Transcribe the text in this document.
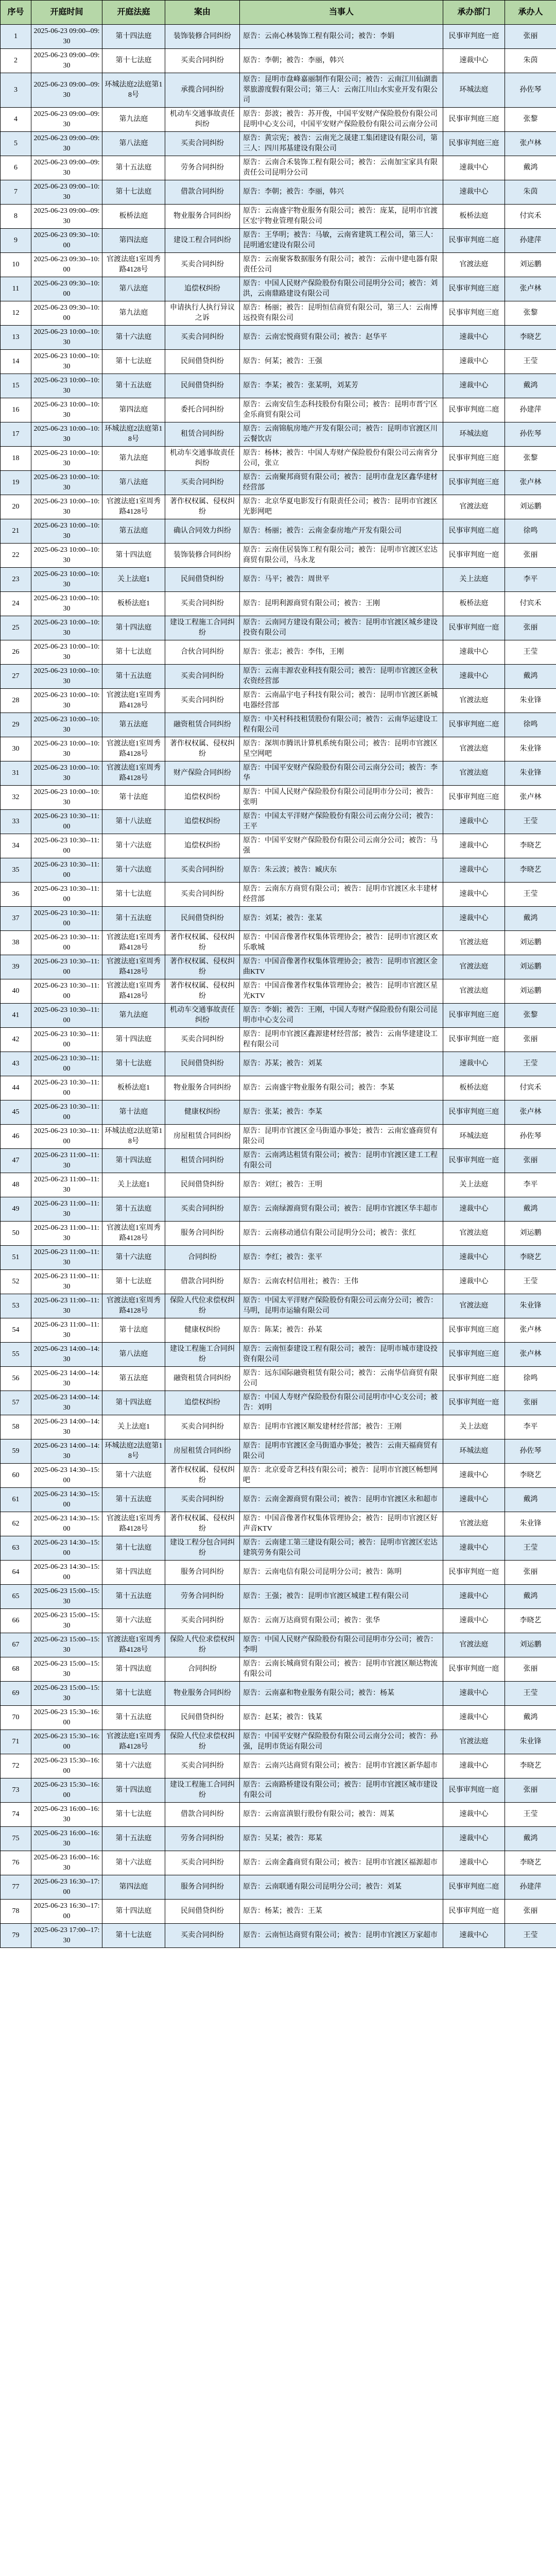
序号	开庭时间	开庭法庭	案由	当事人	承办部门	承办人
1	2025-06-23 09:00--09:30	第十四法庭	装饰装修合同纠纷	原告：云南心林装饰工程有限公司；被告：李娟	民事审判庭一庭	张丽
2	2025-06-23 09:00--09:30	第十七法庭	买卖合同纠纷	原告：李朝；被告：李丽，韩兴	速裁中心	朱茵
3	2025-06-23 09:00--09:30	环城法庭2法庭第18号	承揽合同纠纷	原告：昆明市盘峰嘉丽制作有限公司；被告：云南江川仙湖翡翠旅游度假有限公司；第三人：云南江川山水实业开发有限公司	环城法庭	孙佐琴
4	2025-06-23 09:00--09:30	第九法庭	机动车交通事故责任纠纷	原告：彭波；被告：苏开俊，中国平安财产保险股份有限公司昆明中心支公司，中国平安财产保险股份有限公司云南分公司	民事审判庭三庭	张黎
5	2025-06-23 09:00--09:30	第八法庭	买卖合同纠纷	原告：黄宗宪；被告：云南光之晟建工集团建设有限公司，第三人：四川邦基建设有限公司	民事审判庭三庭	张卢林
6	2025-06-23 09:00--09:30	第十五法庭	劳务合同纠纷	原告：云南合禾装饰工程有限公司；被告：云南加宝家具有限责任公司昆明分公司	速裁中心	戴鸿
7	2025-06-23 09:00--10:30	第十七法庭	借款合同纠纷	原告：李朝；被告：李丽，韩兴	速裁中心	朱茵
8	2025-06-23 09:00--09:30	板桥法庭	物业服务合同纠纷	原告：云南盛宇物业服务有限公司；被告：庞某，昆明市官渡区宏宇物业管理有限公司	板桥法庭	付宾禾
9	2025-06-23 09:30--10:00	第四法庭	建设工程合同纠纷	原告：王华明；被告：马敏，云南省建筑工程公司，第三人：昆明通宏建设有限公司	民事审判庭二庭	孙建萍
10	2025-06-23 09:30--10:00	官渡法庭1室周秀路4128号	买卖合同纠纷	原告：云南聚客数据服务有限公司；被告：云南中建电器有限责任公司	官渡法庭	刘运鹏
11	2025-06-23 09:30--10:00	第八法庭	追偿权纠纷	原告：中国人民财产保险股份有限公司昆明分公司；被告：刘洪，云南鼎路建设有限公司	民事审判庭三庭	张卢林
12	2025-06-23 09:30--10:00	第九法庭	申请执行人执行异议之诉	原告：杨丽；被告：昆明恒信商贸有限公司，第三人：云南博远投资有限公司	民事审判庭三庭	张黎
13	2025-06-23 10:00--10:30	第十六法庭	买卖合同纠纷	原告：云南宏悦商贸有限公司；被告：赵华平	速裁中心	李晓艺
14	2025-06-23 10:00--10:30	第十七法庭	民间借贷纠纷	原告：何某；被告：王强	速裁中心	王莹
15	2025-06-23 10:00--10:30	第十五法庭	民间借贷纠纷	原告：李某；被告：张某明，刘某芳	速裁中心	戴鸿
16	2025-06-23 10:00--10:30	第四法庭	委托合同纠纷	原告：云南安信生态科技股份有限公司；被告：昆明市晋宁区金乐商贸有限公司	民事审判庭二庭	孙建萍
17	2025-06-23 10:00--10:30	环城法庭2法庭第18号	租赁合同纠纷	原告：云南锦航房地产开发有限公司；被告：昆明市官渡区川云餐饮店	环城法庭	孙佐琴
18	2025-06-23 10:00--10:30	第九法庭	机动车交通事故责任纠纷	原告：杨林；被告：中国人寿财产保险股份有限公司云南省分公司，张立	民事审判庭三庭	张黎
19	2025-06-23 10:00--10:30	第八法庭	买卖合同纠纷	原告：云南聚邦商贸有限公司；被告：昆明市盘龙区鑫华建材经营部	民事审判庭三庭	张卢林
20	2025-06-23 10:00--10:30	官渡法庭1室周秀路4128号	著作权权属、侵权纠纷	原告：北京华夏电影发行有限责任公司；被告：昆明市官渡区光影网吧	官渡法庭	刘运鹏
21	2025-06-23 10:00--10:30	第五法庭	确认合同效力纠纷	原告：杨丽；被告：云南金泰房地产开发有限公司	民事审判庭二庭	徐鸣
22	2025-06-23 10:00--10:30	第十四法庭	装饰装修合同纠纷	原告：云南佳居装饰工程有限公司；被告：昆明市官渡区宏达商贸有限公司，马永龙	民事审判庭一庭	张丽
23	2025-06-23 10:00--10:30	关上法庭1	民间借贷纠纷	原告：马平；被告：周世平	关上法庭	李平
24	2025-06-23 10:00--10:30	板桥法庭1	买卖合同纠纷	原告：昆明利源商贸有限公司；被告：王刚	板桥法庭	付宾禾
25	2025-06-23 10:00--10:30	第十四法庭	建设工程施工合同纠纷	原告：云南同方建设有限公司；被告：昆明市官渡区城乡建设投资有限公司	民事审判庭一庭	张丽
26	2025-06-23 10:00--10:30	第十七法庭	合伙合同纠纷	原告：张志；被告：李伟，王刚	速裁中心	王莹
27	2025-06-23 10:00--10:30	第十五法庭	买卖合同纠纷	原告：云南丰源农业科技有限公司；被告：昆明市官渡区金秋农资经营部	速裁中心	戴鸿
28	2025-06-23 10:00--10:30	官渡法庭1室周秀路4128号	买卖合同纠纷	原告：云南晶宇电子科技有限公司；被告：昆明市官渡区新城电器经营部	官渡法庭	朱业锋
29	2025-06-23 10:00--10:30	第五法庭	融资租赁合同纠纷	原告：中关村科技租赁股份有限公司；被告：云南华运建设工程有限公司	民事审判庭二庭	徐鸣
30	2025-06-23 10:00--10:30	官渡法庭1室周秀路4128号	著作权权属、侵权纠纷	原告：深圳市腾讯计算机系统有限公司；被告：昆明市官渡区星空网吧	官渡法庭	朱业锋
31	2025-06-23 10:00--10:30	官渡法庭1室周秀路4128号	财产保险合同纠纷	原告：中国平安财产保险股份有限公司云南分公司；被告：李华	官渡法庭	朱业锋
32	2025-06-23 10:00--10:30	第十法庭	追偿权纠纷	原告：中国人民财产保险股份有限公司昆明市分公司；被告：张明	民事审判庭三庭	张卢林
33	2025-06-23 10:30--11:00	第十八法庭	追偿权纠纷	原告：中国太平洋财产保险股份有限公司云南分公司；被告：王平	速裁中心	王莹
34	2025-06-23 10:30--11:00	第十六法庭	追偿权纠纷	原告：中国平安财产保险股份有限公司云南分公司；被告：马强	速裁中心	李晓艺
35	2025-06-23 10:30--11:00	第十六法庭	买卖合同纠纷	原告：朱云波；被告：臧庆东	速裁中心	李晓艺
36	2025-06-23 10:30--11:00	第十七法庭	买卖合同纠纷	原告：云南东方商贸有限公司；被告：昆明市官渡区永丰建材经营部	速裁中心	王莹
37	2025-06-23 10:30--11:00	第十五法庭	民间借贷纠纷	原告：刘某；被告：张某	速裁中心	戴鸿
38	2025-06-23 10:30--11:00	官渡法庭1室周秀路4128号	著作权权属、侵权纠纷	原告：中国音像著作权集体管理协会；被告：昆明市官渡区欢乐歌城	官渡法庭	刘运鹏
39	2025-06-23 10:30--11:00	官渡法庭1室周秀路4128号	著作权权属、侵权纠纷	原告：中国音像著作权集体管理协会；被告：昆明市官渡区金曲KTV	官渡法庭	刘运鹏
40	2025-06-23 10:30--11:00	官渡法庭1室周秀路4128号	著作权权属、侵权纠纷	原告：中国音像著作权集体管理协会；被告：昆明市官渡区星光KTV	官渡法庭	刘运鹏
41	2025-06-23 10:30--11:00	第九法庭	机动车交通事故责任纠纷	原告：李娟；被告：王刚，中国人寿财产保险股份有限公司昆明市中心支公司	民事审判庭三庭	张黎
42	2025-06-23 10:30--11:00	第十四法庭	买卖合同纠纷	原告：昆明市官渡区鑫源建材经营部；被告：云南华建建设工程有限公司	民事审判庭一庭	张丽
43	2025-06-23 10:30--11:00	第十七法庭	民间借贷纠纷	原告：苏某；被告：刘某	速裁中心	王莹
44	2025-06-23 10:30--11:00	板桥法庭1	物业服务合同纠纷	原告：云南盛宇物业服务有限公司；被告：李某	板桥法庭	付宾禾
45	2025-06-23 10:30--11:00	第十法庭	健康权纠纷	原告：张某；被告：李某	民事审判庭三庭	张卢林
46	2025-06-23 10:30--11:00	环城法庭2法庭第18号	房屋租赁合同纠纷	原告：昆明市官渡区金马街道办事处；被告：云南宏盛商贸有限公司	环城法庭	孙佐琴
47	2025-06-23 11:00--11:30	第十四法庭	租赁合同纠纷	原告：云南鸿达租赁有限公司；被告：昆明市官渡区建工工程有限公司	民事审判庭一庭	张丽
48	2025-06-23 11:00--11:30	关上法庭1	民间借贷纠纷	原告：刘红；被告：王明	关上法庭	李平
49	2025-06-23 11:00--11:30	第十五法庭	买卖合同纠纷	原告：云南绿源商贸有限公司；被告：昆明市官渡区华丰超市	速裁中心	戴鸿
50	2025-06-23 11:00--11:30	官渡法庭1室周秀路4128号	服务合同纠纷	原告：云南移动通信有限公司昆明分公司；被告：张红	官渡法庭	刘运鹏
51	2025-06-23 11:00--11:30	第十六法庭	合同纠纷	原告：李红；被告：张平	速裁中心	李晓艺
52	2025-06-23 11:00--11:30	第十七法庭	借款合同纠纷	原告：云南农村信用社；被告：王伟	速裁中心	王莹
53	2025-06-23 11:00--11:30	官渡法庭1室周秀路4128号	保险人代位求偿权纠纷	原告：中国太平洋财产保险股份有限公司云南分公司；被告：马明，昆明市运输有限公司	官渡法庭	朱业锋
54	2025-06-23 11:00--11:30	第十法庭	健康权纠纷	原告：陈某；被告：孙某	民事审判庭三庭	张卢林
55	2025-06-23 14:00--14:30	第八法庭	建设工程施工合同纠纷	原告：云南恒泰建设工程有限公司；被告：昆明市城市建设投资有限公司	民事审判庭三庭	张卢林
56	2025-06-23 14:00--14:30	第五法庭	融资租赁合同纠纷	原告：远东国际融资租赁有限公司；被告：云南华信商贸有限公司	民事审判庭二庭	徐鸣
57	2025-06-23 14:00--14:30	第十四法庭	追偿权纠纷	原告：中国人寿财产保险股份有限公司昆明市中心支公司；被告：刘明	民事审判庭一庭	张丽
58	2025-06-23 14:00--14:30	关上法庭1	买卖合同纠纷	原告：昆明市官渡区顺发建材经营部；被告：王刚	关上法庭	李平
59	2025-06-23 14:00--14:30	环城法庭2法庭第18号	房屋租赁合同纠纷	原告：昆明市官渡区金马街道办事处；被告：云南天福商贸有限公司	环城法庭	孙佐琴
60	2025-06-23 14:30--15:00	第十六法庭	著作权权属、侵权纠纷	原告：北京爱奇艺科技有限公司；被告：昆明市官渡区畅想网吧	速裁中心	李晓艺
61	2025-06-23 14:30--15:00	第十五法庭	买卖合同纠纷	原告：云南金源商贸有限公司；被告：昆明市官渡区永和超市	速裁中心	戴鸿
62	2025-06-23 14:30--15:00	官渡法庭1室周秀路4128号	著作权权属、侵权纠纷	原告：中国音像著作权集体管理协会；被告：昆明市官渡区好声音KTV	官渡法庭	朱业锋
63	2025-06-23 14:30--15:00	第十七法庭	建设工程分包合同纠纷	原告：云南建工第三建设有限公司；被告：昆明市官渡区宏达建筑劳务有限公司	速裁中心	王莹
64	2025-06-23 14:30--15:00	第十四法庭	服务合同纠纷	原告：云南电信有限公司昆明分公司；被告：陈明	民事审判庭一庭	张丽
65	2025-06-23 15:00--15:30	第十五法庭	劳务合同纠纷	原告：王强；被告：昆明市官渡区城建工程有限公司	速裁中心	戴鸿
66	2025-06-23 15:00--15:30	第十六法庭	买卖合同纠纷	原告：云南万达商贸有限公司；被告：张华	速裁中心	李晓艺
67	2025-06-23 15:00--15:30	官渡法庭1室周秀路4128号	保险人代位求偿权纠纷	原告：中国人民财产保险股份有限公司昆明市分公司；被告：李明	官渡法庭	刘运鹏
68	2025-06-23 15:00--15:30	第十四法庭	合同纠纷	原告：云南长城商贸有限公司；被告：昆明市官渡区顺达物流有限公司	民事审判庭一庭	张丽
69	2025-06-23 15:00--15:30	第十七法庭	物业服务合同纠纷	原告：云南嘉和物业服务有限公司；被告：杨某	速裁中心	王莹
70	2025-06-23 15:30--16:00	第十五法庭	民间借贷纠纷	原告：赵某；被告：钱某	速裁中心	戴鸿
71	2025-06-23 15:30--16:00	官渡法庭1室周秀路4128号	保险人代位求偿权纠纷	原告：中国平安财产保险股份有限公司云南分公司；被告：孙强，昆明市货运有限公司	官渡法庭	朱业锋
72	2025-06-23 15:30--16:00	第十六法庭	买卖合同纠纷	原告：云南兴达商贸有限公司；被告：昆明市官渡区新华超市	速裁中心	李晓艺
73	2025-06-23 15:30--16:00	第十四法庭	建设工程施工合同纠纷	原告：云南路桥建设有限公司；被告：昆明市官渡区城市建设有限公司	民事审判庭一庭	张丽
74	2025-06-23 16:00--16:30	第十七法庭	借款合同纠纷	原告：云南富滇银行股份有限公司；被告：周某	速裁中心	王莹
75	2025-06-23 16:00--16:30	第十五法庭	劳务合同纠纷	原告：吴某；被告：郑某	速裁中心	戴鸿
76	2025-06-23 16:00--16:30	第十六法庭	买卖合同纠纷	原告：云南金鑫商贸有限公司；被告：昆明市官渡区福源超市	速裁中心	李晓艺
77	2025-06-23 16:30--17:00	第四法庭	服务合同纠纷	原告：云南联通有限公司昆明分公司；被告：刘某	民事审判庭二庭	孙建萍
78	2025-06-23 16:30--17:00	第十四法庭	民间借贷纠纷	原告：杨某；被告：王某	民事审判庭一庭	张丽
79	2025-06-23 17:00--17:30	第十七法庭	买卖合同纠纷	原告：云南恒达商贸有限公司；被告：昆明市官渡区万家超市	速裁中心	王莹
